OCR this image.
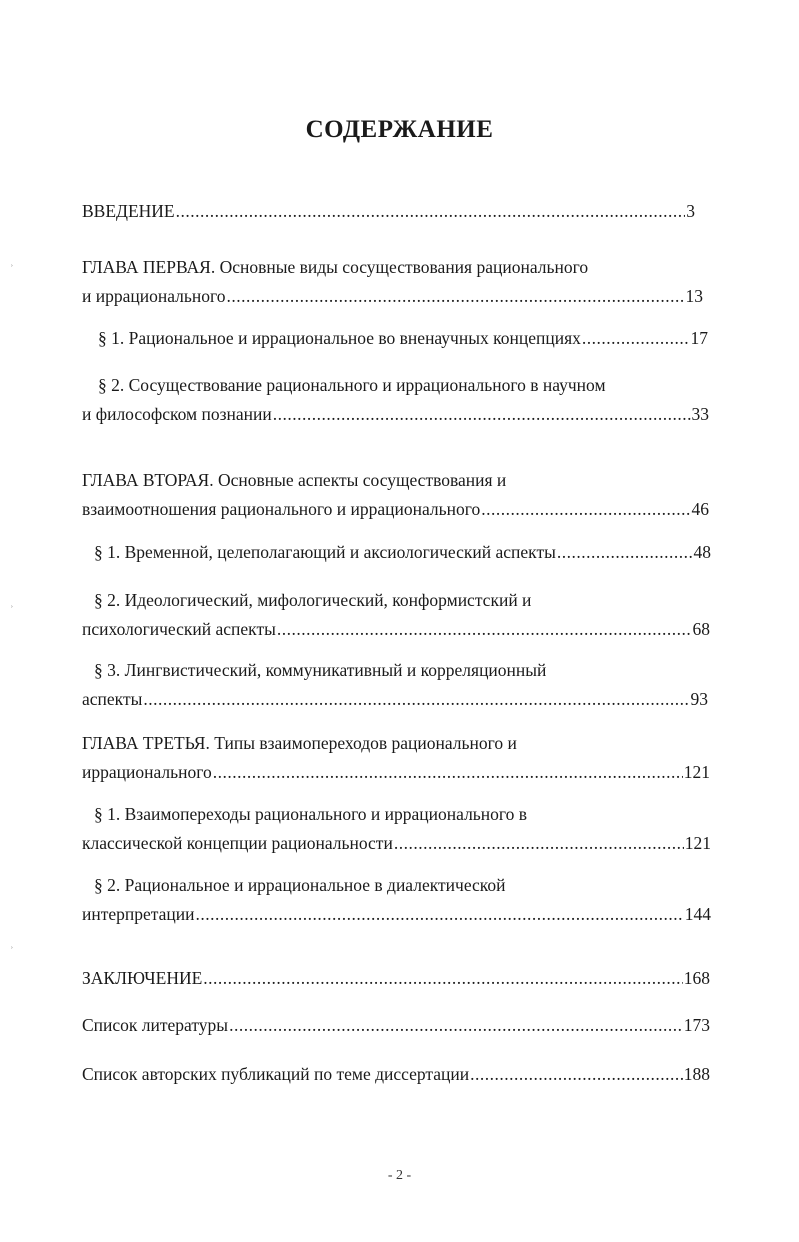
СОДЕРЖАНИЕ
ВВЕДЕНИЕ .....	3
ГЛАВА ПЕРВАЯ. Основные виды сосуществования рационального
и иррационального .....	13
§ 1. Рациональное и иррациональное во вненаучных концепциях .....	17
§ 2. Сосуществование рационального и иррационального в научном
и философском познании .....	33
ГЛАВА ВТОРАЯ. Основные аспекты сосуществования и
взаимоотношения рационального и иррационального .....	46
§ 1. Временной, целеполагающий и аксиологический аспекты .....	48
§ 2. Идеологический, мифологический, конформистский и
психологический аспекты .....	68
§ 3. Лингвистический, коммуникативный и корреляционный
аспекты .....	93
ГЛАВА ТРЕТЬЯ. Типы взаимопереходов рационального и
иррационального .....	121
§ 1. Взаимопереходы рационального и иррационального в
классической концепции рациональности .....	121
§ 2. Рациональное и иррациональное в диалектической
интерпретации .....	144
ЗАКЛЮЧЕНИЕ .....	168
Список литературы .....	173
Список авторских публикаций по теме диссертации .....	188
- 2 -
ʾ
ʾ
ʾ
